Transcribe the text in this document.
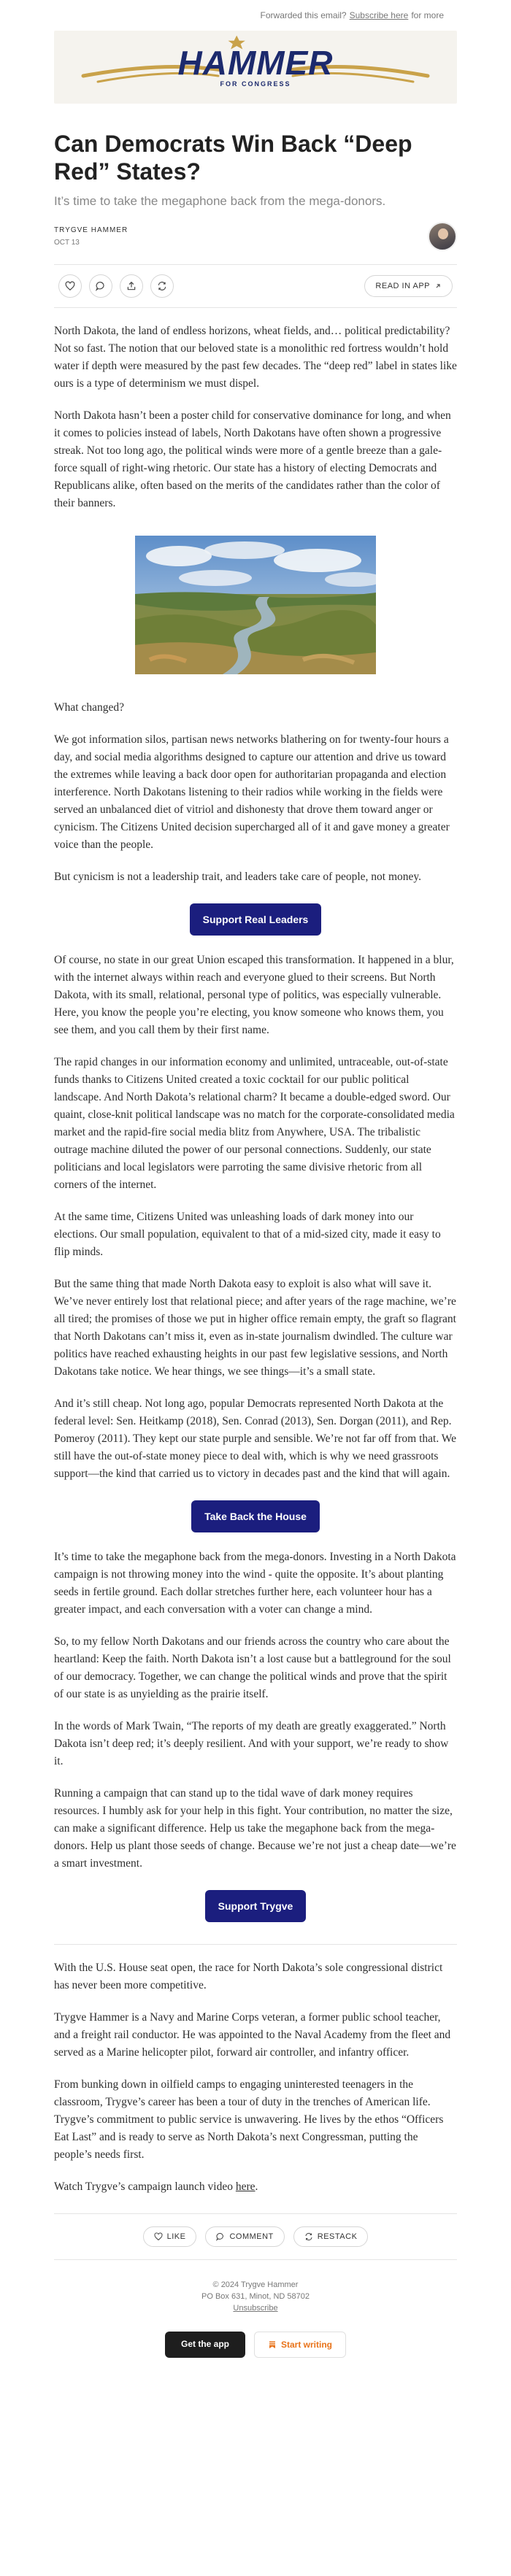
Forwarded this email? Subscribe here for more
HAMMER
FOR CONGRESS
Can Democrats Win Back “Deep Red” States?
It’s time to take the megaphone back from the mega-donors.
TRYGVE HAMMER
OCT 13
READ IN APP

North Dakota, the land of endless horizons, wheat fields, and… political predictability? Not so fast. The notion that our beloved state is a monolithic red fortress wouldn’t hold water if depth were measured by the past few decades. The “deep red” label in states like ours is a type of determinism we must dispel.

North Dakota hasn’t been a poster child for conservative dominance for long, and when it comes to policies instead of labels, North Dakotans have often shown a progressive streak. Not too long ago, the political winds were more of a gentle breeze than a gale-force squall of right-wing rhetoric. Our state has a history of electing Democrats and Republicans alike, often based on the merits of the candidates rather than the color of their banners.

What changed?

We got information silos, partisan news networks blathering on for twenty-four hours a day, and social media algorithms designed to capture our attention and drive us toward the extremes while leaving a back door open for authoritarian propaganda and election interference. North Dakotans listening to their radios while working in the fields were served an unbalanced diet of vitriol and dishonesty that drove them toward anger or cynicism. The Citizens United decision supercharged all of it and gave money a greater voice than the people.

But cynicism is not a leadership trait, and leaders take care of people, not money.

Support Real Leaders

Of course, no state in our great Union escaped this transformation. It happened in a blur, with the internet always within reach and everyone glued to their screens. But North Dakota, with its small, relational, personal type of politics, was especially vulnerable. Here, you know the people you’re electing, you know someone who knows them, you see them, and you call them by their first name.

The rapid changes in our information economy and unlimited, untraceable, out-of-state funds thanks to Citizens United created a toxic cocktail for our public political landscape. And North Dakota’s relational charm? It became a double-edged sword. Our quaint, close-knit political landscape was no match for the corporate-consolidated media market and the rapid-fire social media blitz from Anywhere, USA. The tribalistic outrage machine diluted the power of our personal connections. Suddenly, our state politicians and local legislators were parroting the same divisive rhetoric from all corners of the internet.

At the same time, Citizens United was unleashing loads of dark money into our elections. Our small population, equivalent to that of a mid-sized city, made it easy to flip minds.

But the same thing that made North Dakota easy to exploit is also what will save it. We’ve never entirely lost that relational piece; and after years of the rage machine, we’re all tired; the promises of those we put in higher office remain empty, the graft so flagrant that North Dakotans can’t miss it, even as in-state journalism dwindled. The culture war politics have reached exhausting heights in our past few legislative sessions, and North Dakotans take notice. We hear things, we see things—it’s a small state.

And it’s still cheap. Not long ago, popular Democrats represented North Dakota at the federal level: Sen. Heitkamp (2018), Sen. Conrad (2013), Sen. Dorgan (2011), and Rep. Pomeroy (2011). They kept our state purple and sensible. We’re not far off from that. We still have the out-of-state money piece to deal with, which is why we need grassroots support—the kind that carried us to victory in decades past and the kind that will again.

Take Back the House

It’s time to take the megaphone back from the mega-donors. Investing in a North Dakota campaign is not throwing money into the wind - quite the opposite. It’s about planting seeds in fertile ground. Each dollar stretches further here, each volunteer hour has a greater impact, and each conversation with a voter can change a mind.

So, to my fellow North Dakotans and our friends across the country who care about the heartland: Keep the faith. North Dakota isn’t a lost cause but a battleground for the soul of our democracy. Together, we can change the political winds and prove that the spirit of our state is as unyielding as the prairie itself.

In the words of Mark Twain, “The reports of my death are greatly exaggerated.” North Dakota isn’t deep red; it’s deeply resilient. And with your support, we’re ready to show it.

Running a campaign that can stand up to the tidal wave of dark money requires resources. I humbly ask for your help in this fight. Your contribution, no matter the size, can make a significant difference. Help us take the megaphone back from the mega-donors. Help us plant those seeds of change. Because we’re not just a cheap date—we’re a smart investment.

Support Trygve

With the U.S. House seat open, the race for North Dakota’s sole congressional district has never been more competitive.

Trygve Hammer is a Navy and Marine Corps veteran, a former public school teacher, and a freight rail conductor. He was appointed to the Naval Academy from the fleet and served as a Marine helicopter pilot, forward air controller, and infantry officer.

From bunking down in oilfield camps to engaging uninterested teenagers in the classroom, Trygve’s career has been a tour of duty in the trenches of American life. Trygve’s commitment to public service is unwavering. He lives by the ethos “Officers Eat Last” and is ready to serve as North Dakota’s next Congressman, putting the people’s needs first.

Watch Trygve’s campaign launch video here.

LIKE	COMMENT	RESTACK
© 2024 Trygve Hammer
PO Box 631, Minot, ND 58702
Unsubscribe
Get the app	Start writing
